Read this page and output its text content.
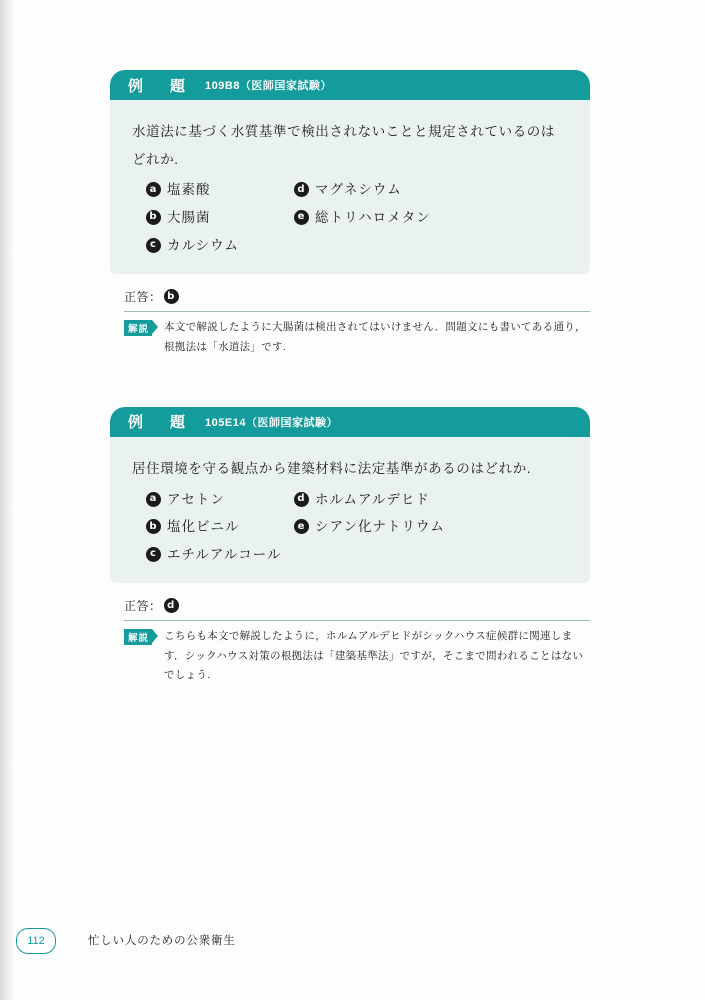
例　題 109B8（医師国家試験）
水道法に基づく水質基準で検出されないことと規定されているのはどれか.
a 塩素酸	d マグネシウム
b 大腸菌	e 総トリハロメタン
c カルシウム
正答： b
解説 本文で解説したように大腸菌は検出されてはいけません．問題文にも書いてある通り，根拠法は「水道法」です.
例　題 105E14（医師国家試験）
居住環境を守る観点から建築材料に法定基準があるのはどれか.
a アセトン	d ホルムアルデヒド
b 塩化ビニル	e シアン化ナトリウム
c エチルアルコール
正答： d
解説 こちらも本文で解説したように，ホルムアルデヒドがシックハウス症候群に関連します．シックハウス対策の根拠法は「建築基準法」ですが，そこまで問われることはないでしょう.
112	忙しい人のための公衆衛生
